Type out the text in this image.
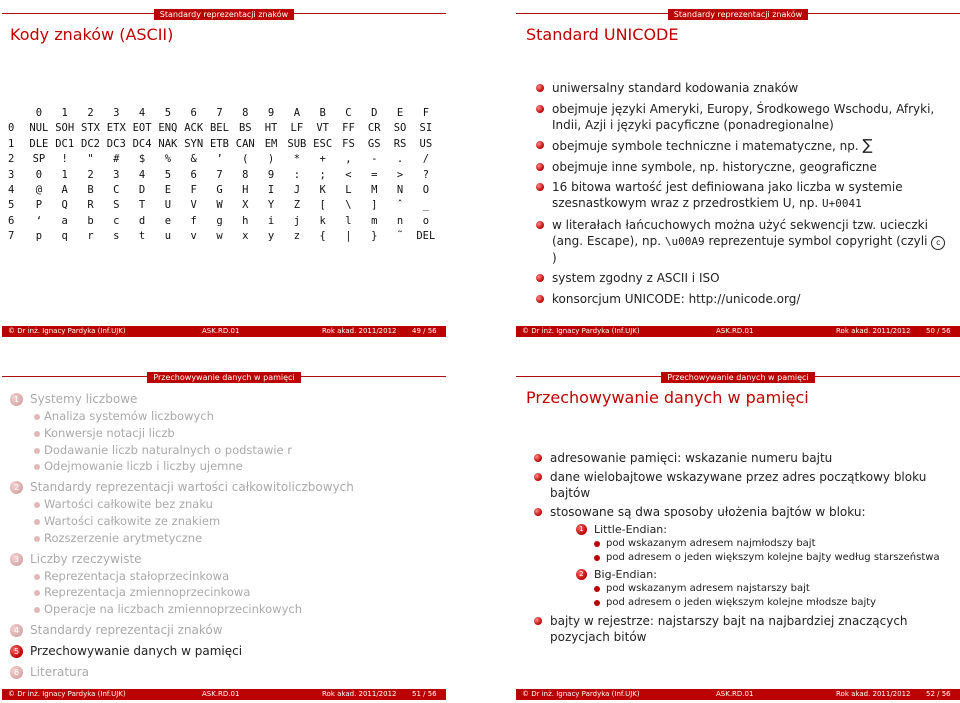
Standardy reprezentacji znaków
Kody znaków (ASCII)
0	1	2	3	4	5	6	7	8	9	A	B	C	D	E	F
0	NUL SOH STX ETX EOT ENQ ACK BEL BS	HT	LF	VT	FF	CR	SO	SI
1	DLE DC1 DC2 DC3 DC4 NAK SYN ETB CAN EM SUB ESC FS	GS	RS	US
2	SP	!	"	#	$	%	&	’	(	)	*	+	,	-	.	/
3	0	1	2	3	4	5	6	7	8	9	:	;	<	=	>	?
4	@	A	B	C	D	E	F	G	H	I	J	K	L	M	N	O
5	P	Q	R	S	T	U	V	W	X	Y	Z	[	\	]	ˆ	_
6	‘	a	b	c	d	e	f	g	h	i	j	k	l	m	n	o
7	p	q	r	s	t	u	v	w	x	y	z	{	|	}	˜	DEL
© Dr inż. Ignacy Pardyka (Inf.UJK)	ASK.RD.01	Rok akad. 2011/2012 49 / 56
Standardy reprezentacji znaków
Standard UNICODE
uniwersalny standard kodowania znaków
obejmuje języki Ameryki, Europy, Środkowego Wschodu, Afryki, Indii, Azji i języki pacyficzne (ponadregionalne)
obejmuje symbole techniczne i matematyczne, np. ∑
obejmuje inne symbole, np. historyczne, geograficzne
16 bitowa wartość jest definiowana jako liczba w systemie szesnastkowym wraz z przedrostkiem U, np. U+0041
w literałach łańcuchowych można użyć sekwencji tzw. ucieczki (ang. Escape), np. \u00A9 reprezentuje symbol copyright (czyli c)
system zgodny z ASCII i ISO
konsorcjum UNICODE: http://unicode.org/
© Dr inż. Ignacy Pardyka (Inf.UJK)	ASK.RD.01	Rok akad. 2011/2012 50 / 56
Przechowywanie danych w pamięci
1 Systemy liczbowe
Analiza systemów liczbowych
Konwersje notacji liczb
Dodawanie liczb naturalnych o podstawie r
Odejmowanie liczb i liczby ujemne
2 Standardy reprezentacji wartości całkowitoliczbowych
Wartości całkowite bez znaku
Wartości całkowite ze znakiem
Rozszerzenie arytmetyczne
3 Liczby rzeczywiste
Reprezentacja stałoprzecinkowa
Reprezentacja zmiennoprzecinkowa
Operacje na liczbach zmiennoprzecinkowych
4 Standardy reprezentacji znaków
5 Przechowywanie danych w pamięci
6 Literatura
© Dr inż. Ignacy Pardyka (Inf.UJK)	ASK.RD.01	Rok akad. 2011/2012 51 / 56
Przechowywanie danych w pamięci
Przechowywanie danych w pamięci
adresowanie pamięci: wskazanie numeru bajtu
dane wielobajtowe wskazywane przez adres początkowy bloku bajtów
stosowane są dwa sposoby ułożenia bajtów w bloku:
1 Little-Endian:
pod wskazanym adresem najmłodszy bajt
pod adresem o jeden większym kolejne bajty według starszeństwa
2 Big-Endian:
pod wskazanym adresem najstarszy bajt
pod adresem o jeden większym kolejne młodsze bajty
bajty w rejestrze: najstarszy bajt na najbardziej znaczących pozycjach bitów
© Dr inż. Ignacy Pardyka (Inf.UJK)	ASK.RD.01	Rok akad. 2011/2012 52 / 56
